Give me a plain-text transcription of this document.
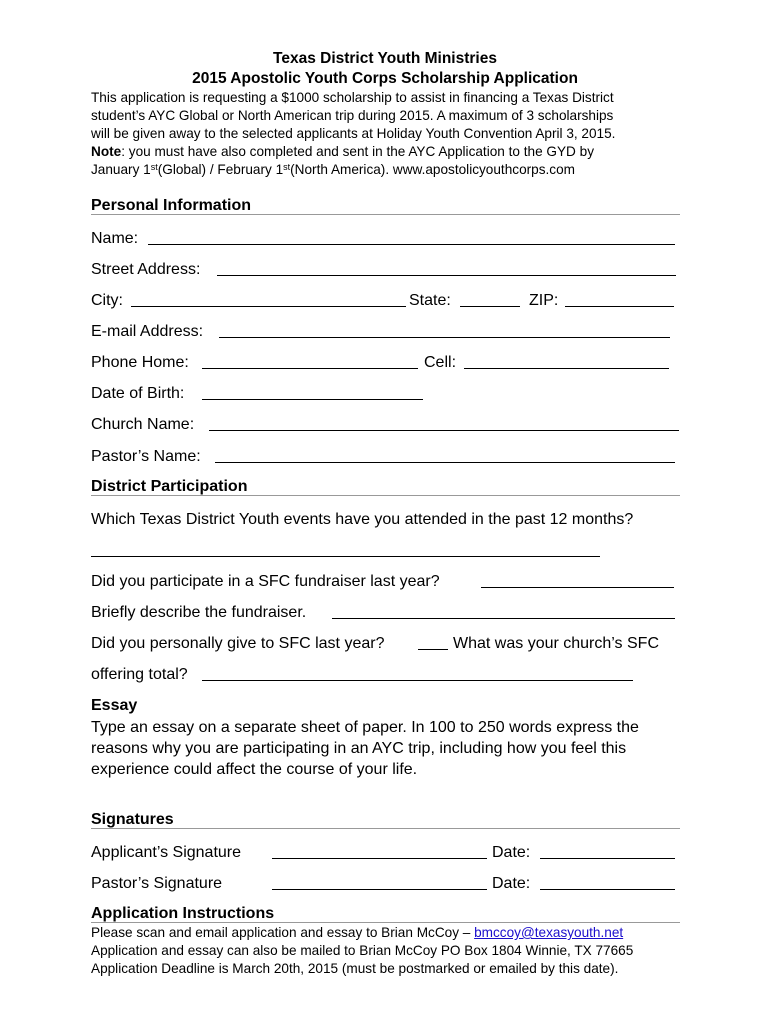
Texas District Youth Ministries
2015 Apostolic Youth Corps Scholarship Application
This application is requesting a $1000 scholarship to assist in financing a Texas District
student’s AYC Global or North American trip during 2015. A maximum of 3 scholarships
will be given away to the selected applicants at Holiday Youth Convention April 3, 2015.
Note: you must have also completed and sent in the AYC Application to the GYD by
January 1st(Global) / February 1st(North America). www.apostolicyouthcorps.com
Personal Information
Name:
Street Address:
City:	State:	ZIP:
E-mail Address:
Phone Home:	Cell:
Date of Birth:
Church Name:
Pastor’s Name:
District Participation
Which Texas District Youth events have you attended in the past 12 months?
Did you participate in a SFC fundraiser last year?
Briefly describe the fundraiser.
Did you personally give to SFC last year?	What was your church’s SFC
offering total?
Essay
Type an essay on a separate sheet of paper. In 100 to 250 words express the
reasons why you are participating in an AYC trip, including how you feel this
experience could affect the course of your life.
Signatures
Applicant’s Signature	Date:
Pastor’s Signature	Date:
Application Instructions
Please scan and email application and essay to Brian McCoy – bmccoy@texasyouth.net
Application and essay can also be mailed to Brian McCoy PO Box 1804 Winnie, TX 77665
Application Deadline is March 20th, 2015 (must be postmarked or emailed by this date).
